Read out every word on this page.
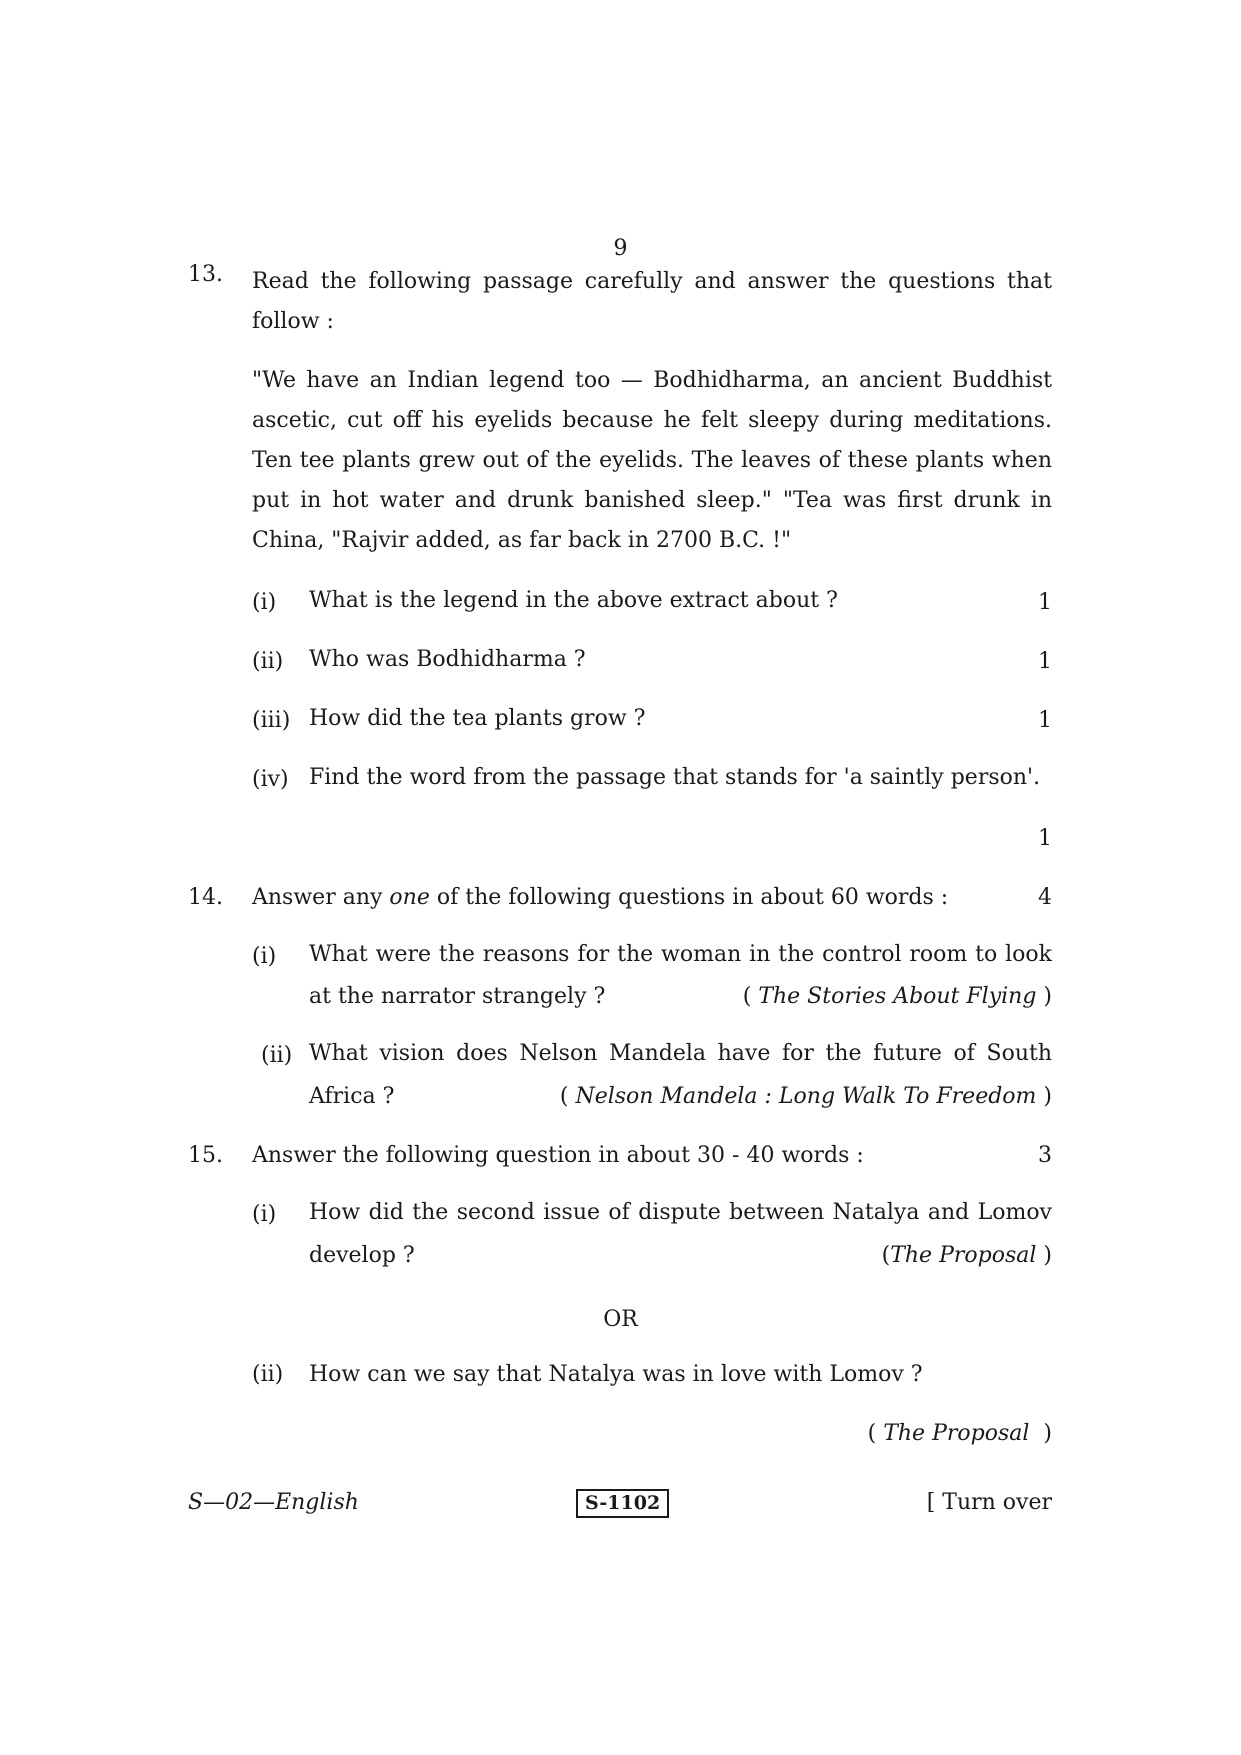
9
13.	Read the following passage carefully and answer the questions that
follow :
"We have an Indian legend too — Bodhidharma, an ancient Buddhist
ascetic, cut off his eyelids because he felt sleepy during meditations.
Ten tee plants grew out of the eyelids. The leaves of these plants when
put in hot water and drunk banished sleep." "Tea was first drunk in
China, "Rajvir added, as far back in 2700 B.C. !"
(i)	What is the legend in the above extract about ?	1
(ii)	Who was Bodhidharma ?	1
(iii) How did the tea plants grow ?	1
(iv) Find the word from the passage that stands for 'a saintly person'.
1
14.	Answer any one of the following questions in about 60 words :	4
(i)	What were the reasons for the woman in the control room to look
at the narrator strangely ?	( The Stories About Flying )
(ii) What vision does Nelson Mandela have for the future of South
Africa ?	( Nelson Mandela : Long Walk To Freedom )
15.	Answer the following question in about 30 - 40 words :	3
(i)	How did the second issue of dispute between Natalya and Lomov
develop ?	(The Proposal )
OR
(ii)	How can we say that Natalya was in love with Lomov ?
( The Proposal  )
S—02—English	S-1102	[ Turn over
